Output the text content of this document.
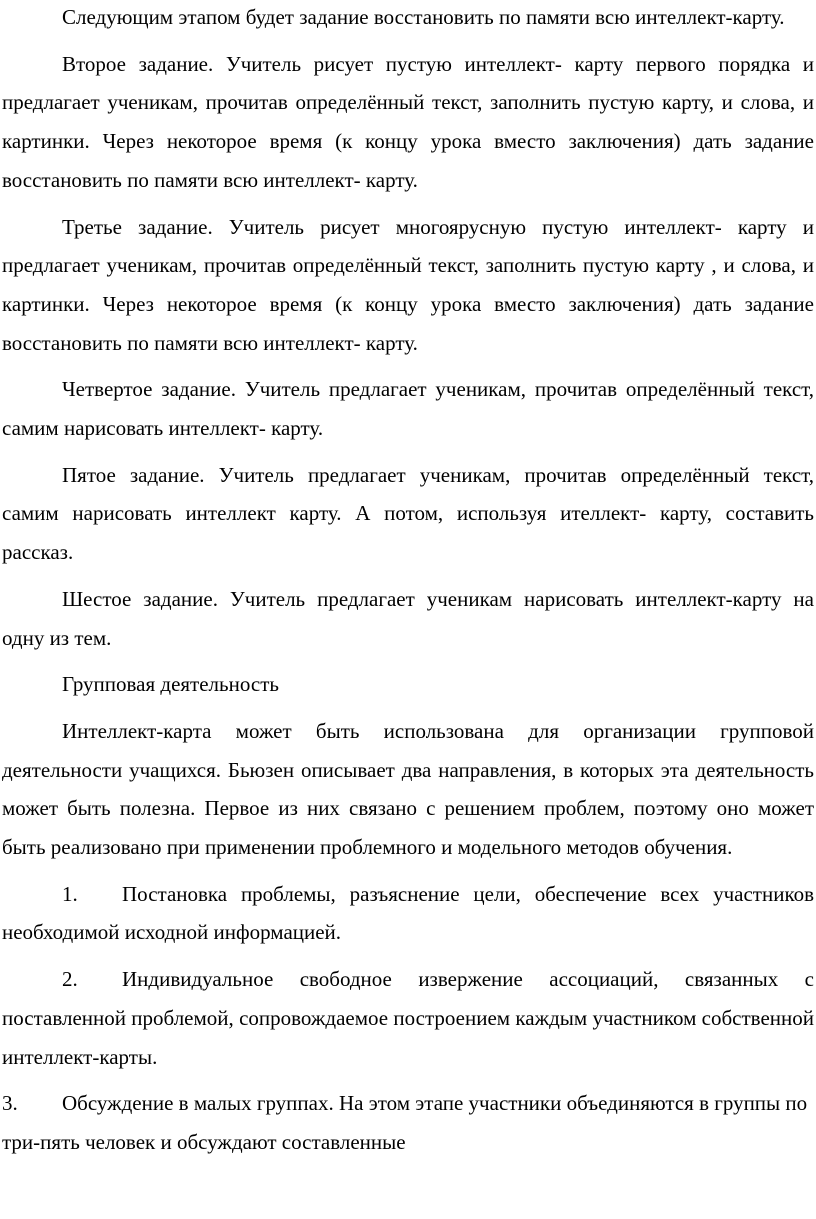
Следующим этапом будет задание восстановить по памяти всю интеллект-карту.

Второе задание. Учитель рисует пустую интеллект- карту первого порядка и предлагает ученикам, прочитав определённый текст, заполнить пустую карту, и слова, и картинки. Через некоторое время (к концу урока вместо заключения) дать задание восстановить по памяти всю интеллект- карту.

Третье задание. Учитель рисует многоярусную пустую интеллект- карту и предлагает ученикам, прочитав определённый текст, заполнить пустую карту , и слова, и картинки. Через некоторое время (к концу урока вместо заключения) дать задание восстановить по памяти всю интеллект- карту.

Четвертое задание. Учитель предлагает ученикам, прочитав определённый текст, самим нарисовать интеллект- карту.

Пятое задание. Учитель предлагает ученикам, прочитав определённый текст, самим нарисовать интеллект карту. А потом, используя ителлект- карту, составить рассказ.

Шестое задание. Учитель предлагает ученикам нарисовать интеллект-карту на одну из тем.

Групповая деятельность

Интеллект-карта может быть использована для организации групповой деятельности учащихся. Бьюзен описывает два направления, в которых эта деятельность может быть полезна. Первое из них связано с решением проблем, поэтому оно может быть реализовано при применении проблемного и модельного методов обучения.

1. Постановка проблемы, разъяснение цели, обеспечение всех участников необходимой исходной информацией.

2. Индивидуальное свободное извержение ассоциаций, связанных с поставленной проблемой, сопровождаемое построением каждым участником собственной интеллект-карты.

3. Обсуждение в малых группах. На этом этапе участники объединяются в группы по три-пять человек и обсуждают составленные
